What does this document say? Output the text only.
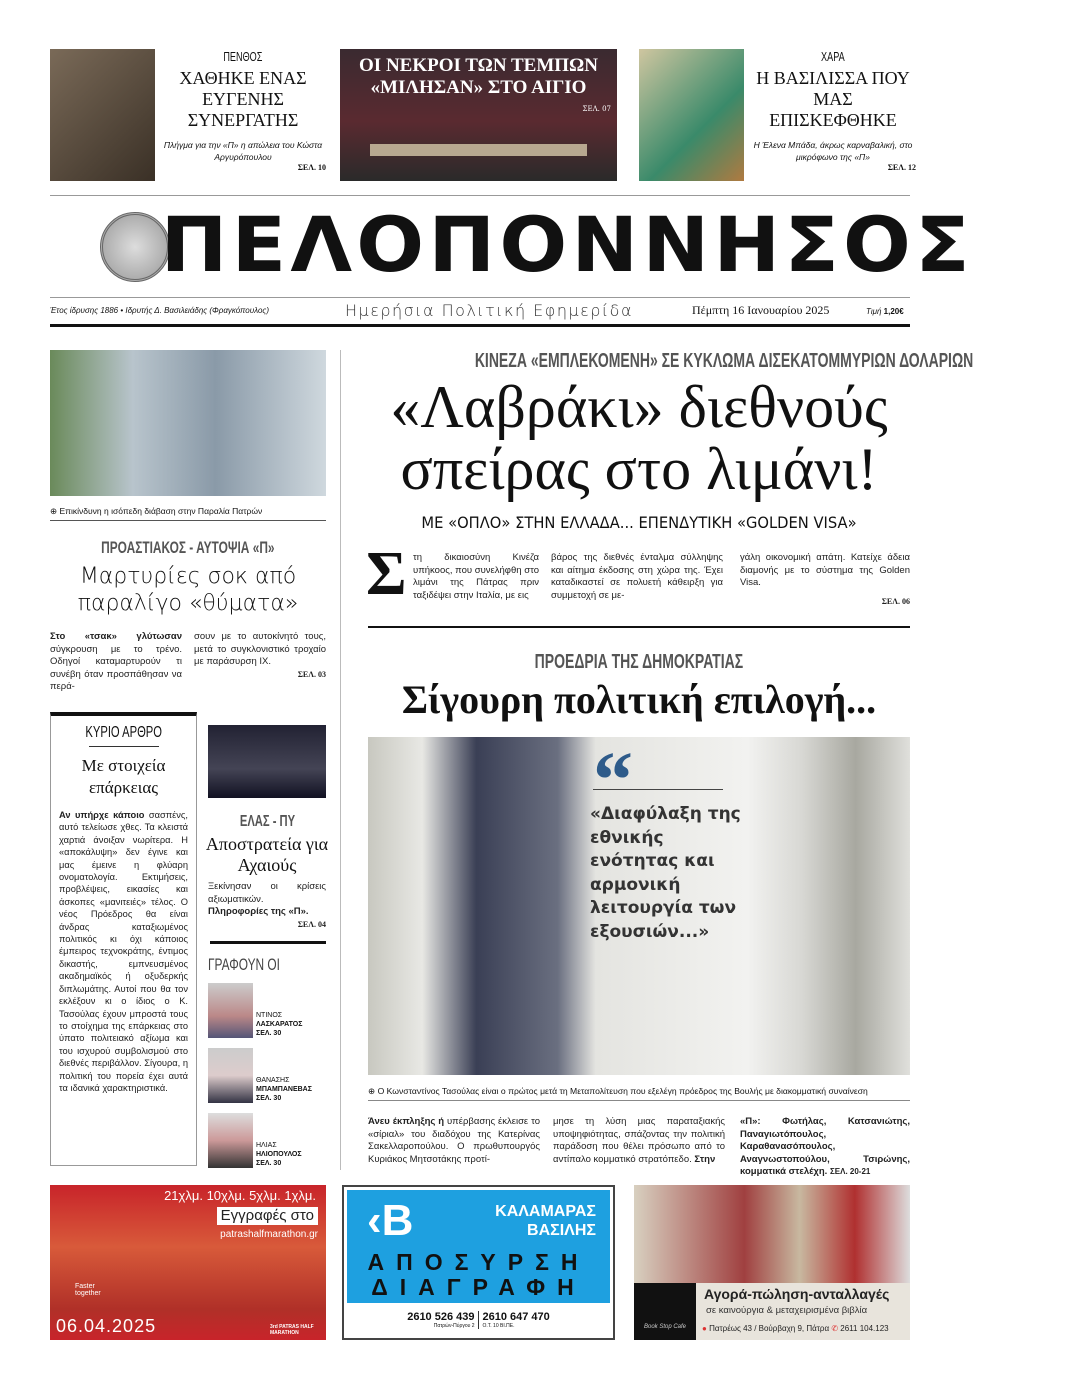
ΠΕΝΘΟΣ
ΧΑΘΗΚΕ ΕΝΑΣ ΕΥΓΕΝΗΣ ΣΥΝΕΡΓΑΤΗΣ
Πλήγμα για την «Π» η απώλεια του Κώστα Αργυρόπουλου
ΣΕΛ. 10
ΟΙ ΝΕΚΡΟΙ ΤΩΝ ΤΕΜΠΩΝ «ΜΙΛΗΣΑΝ» ΣΤΟ ΑΙΓΙΟ
ΣΕΛ. 07
ΧΑΡΑ
Η ΒΑΣΙΛΙΣΣΑ ΠΟΥ ΜΑΣ ΕΠΙΣΚΕΦΘΗΚΕ
Η Έλενα Μπάδα, άκρως καρναβαλική, στο μικρόφωνο της «Π»
ΣΕΛ. 12
ΠΕΛΟΠΟΝΝΗΣΟΣ
Έτος ίδρυσης 1886 • Ιδρυτής Δ. Βασιλειάδης (Φραγκόπουλος)	Ημερήσια Πολιτική Εφημερίδα	Πέμπτη 16 Ιανουαρίου 2025	Τιμή 1,20€
⊕ Επικίνδυνη η ισόπεδη διάβαση στην Παραλία Πατρών
ΠΡΟΑΣΤΙΑΚΟΣ - ΑΥΤΟΨΙΑ «Π»
Μαρτυρίες σοκ από παραλίγο «θύματα»
Στο «τσακ» γλύτωσαν σύγκρουση με το τρένο. Οδηγοί καταμαρτυρούν τι συνέβη όταν προσπάθησαν να περά-
σουν με το αυτοκίνητό τους, μετά το συγκλονιστικό τροχαίο με παράσυρση ΙΧ.
ΣΕΛ. 03
ΚΥΡΙΟ ΑΡΘΡΟ
Με στοιχεία επάρκειας
Αν υπήρχε κάποιο σασπένς, αυτό τελείωσε χθες. Τα κλειστά χαρτιά άνοιξαν νωρίτερα. Η «αποκάλυψη» δεν έγινε και μας έμεινε η φλύαρη ονοματολογία. Εκτιμήσεις, προβλέψεις, εικασίες και άσκοπες «μανιτειές» τέλος. Ο νέος Πρόεδρος θα είναι άνδρας καταξιωμένος πολιτικός κι όχι κάποιος έμπειρος τεχνοκράτης, έντιμος δικαστής, εμπνευσμένος ακαδημαϊκός ή οξυδερκής διπλωμάτης. Αυτοί που θα τον εκλέξουν κι ο ίδιος ο Κ. Τασούλας έχουν μπροστά τους το στοίχημα της επάρκειας στο ύπατο πολιτειακό αξίωμα και του ισχυρού συμβολισμού στο διεθνές περιβάλλον. Σίγουρα, η πολιτική του πορεία έχει αυτά τα ιδανικά χαρακτηριστικά.
ΕΛΑΣ - ΠΥ
Αποστρατεία για Αχαιούς
Ξεκίνησαν οι κρίσεις αξιωματικών. Πληροφορίες της «Π».
ΣΕΛ. 04
ΓΡΑΦΟΥΝ ΟΙ
ΝΤΙΝΟΣ
ΛΑΣΚΑΡΑΤΟΣ
ΣΕΛ. 30
ΘΑΝΑΣΗΣ
ΜΠΑΜΠΑΝΕΒΑΣ
ΣΕΛ. 30
ΗΛΙΑΣ
ΗΛΙΟΠΟΥΛΟΣ
ΣΕΛ. 30
ΚΙΝΕΖΑ «ΕΜΠΛΕΚΟΜΕΝΗ» ΣΕ ΚΥΚΛΩΜΑ ΔΙΣΕΚΑΤΟΜΜΥΡΙΩΝ ΔΟΛΑΡΙΩΝ
«Λαβράκι» διεθνούς
σπείρας στο λιμάνι!
ΜΕ «ΟΠΛΟ» ΣΤΗΝ ΕΛΛΑΔΑ... ΕΠΕΝΔΥΤΙΚΗ «GOLDEN VISA»
Σ τη δικαιοσύνη Κινέζα υπήκοος, που συνελήφθη στο λιμάνι της Πάτρας πριν ταξιδέψει στην Ιταλία, με εις
βάρος της διεθνές ένταλμα σύλληψης και αίτημα έκδοσης στη χώρα της. Έχει καταδικαστεί σε πολυετή κάθειρξη για συμμετοχή σε με-
γάλη οικονομική απάτη. Κατείχε άδεια διαμονής με το σύστημα της Golden Visa.
ΣΕΛ. 06
ΠΡΟΕΔΡΙΑ ΤΗΣ ΔΗΜΟΚΡΑΤΙΑΣ
Σίγουρη πολιτική επιλογή...
“
«Διαφύλαξη της εθνικής ενότητας και αρμονική λειτουργία των εξουσιών...»
⊕ Ο Κωνσταντίνος Τασούλας είναι ο πρώτος μετά τη Μεταπολίτευση που εξελέγη πρόεδρος της Βουλής με διακομματική συναίνεση
Άνευ έκπληξης ή υπέρβασης έκλεισε το «σίριαλ» του διαδόχου της Κατερίνας Σακελλαροπούλου. Ο πρωθυπουργός Κυριάκος Μητσοτάκης προτί-
μησε τη λύση μιας παραταξιακής υποψηφιότητας, σπάζοντας την πολιτική παράδοση που θέλει πρόσωπο από το αντίπαλο κομματικό στρατόπεδο. Στην
«Π»: Φωτήλας, Κατσανιώτης, Παναγιωτόπουλος, Καραθανασόπουλος, Αναγνωστοπούλου, Τσιρώνης, κομματικά στελέχη. ΣΕΛ. 20-21
21χλμ. 10χλμ. 5χλμ. 1χλμ.
Εγγραφές στο
patrashalfmarathon.gr
Faster together
06.04.2025	3rd PATRAS HALF MARATHON
‹B	ΚΑΛΑΜΑΡΑΣ
ΒΑΣΙΛΗΣ
ΑΠΟΣΥΡΣΗ
ΔΙΑΓΡΑΦΗ
2610 526 439
Πατρών-Πύργου 2
2610 647 470
Ο.Τ. 10 ΒΙ.ΠΕ.	Book Stop Cafe
Αγορά-πώληση-ανταλλαγές
σε καινούργια & μεταχειρισμένα βιβλία
● Πατρέως 43 / Βούρβαχη 9, Πάτρα ✆ 2611 104.123
